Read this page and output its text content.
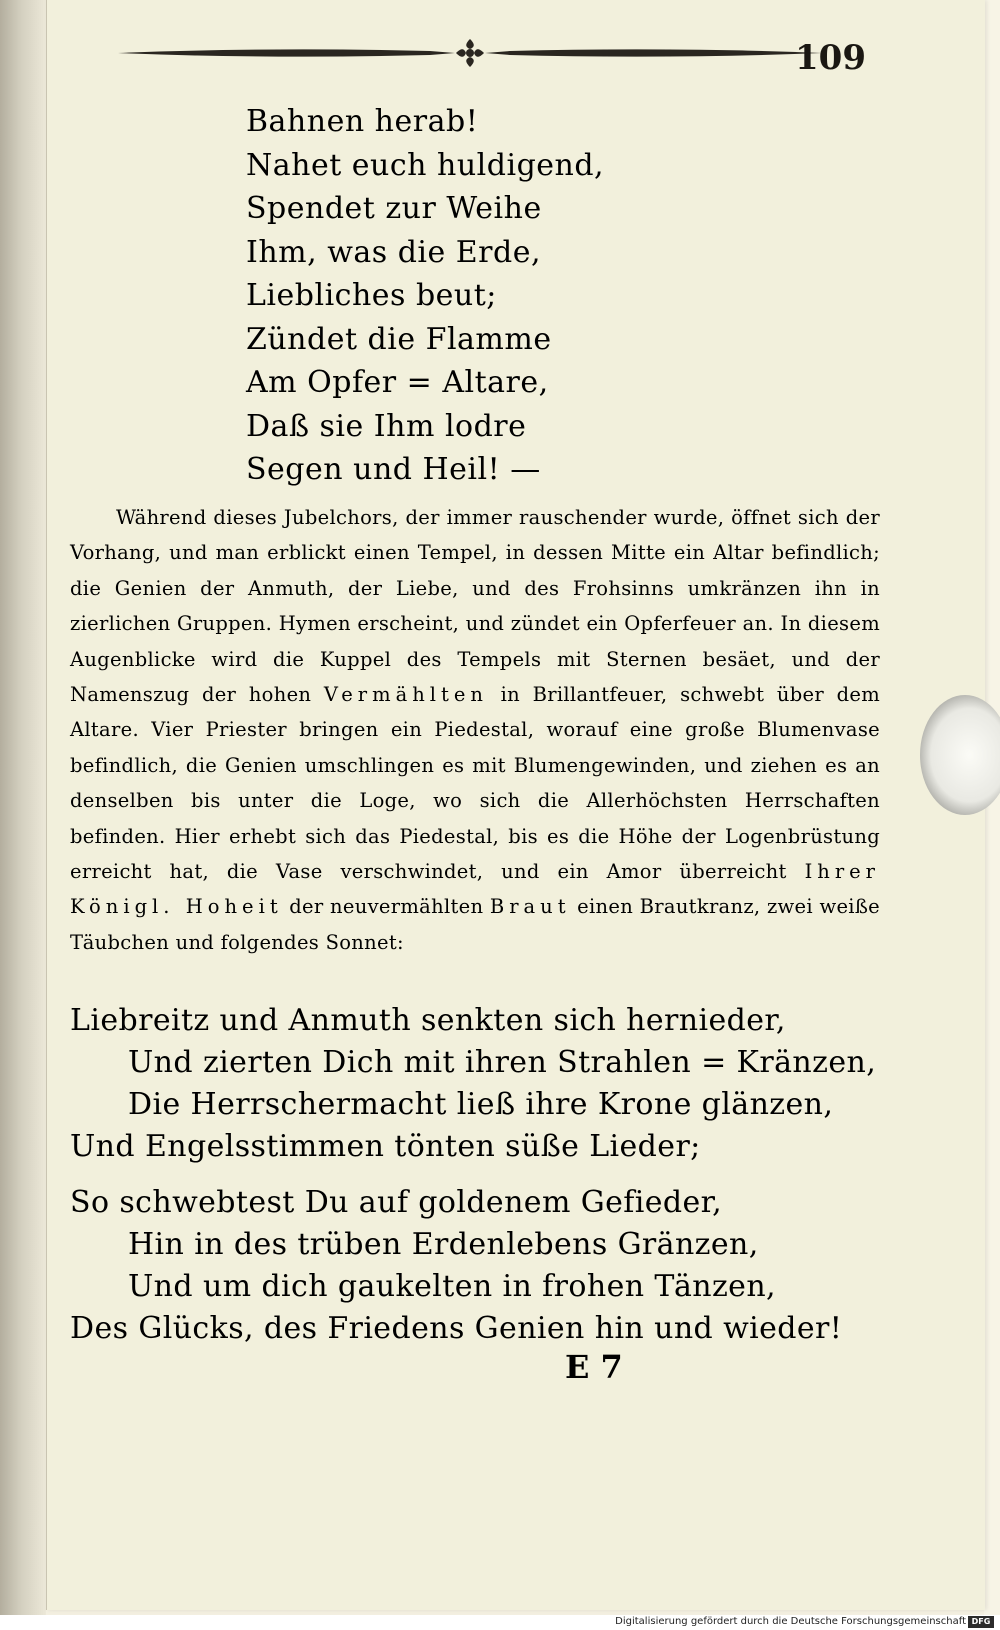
109
Bahnen herab!
Nahet euch huldigend,
Spendet zur Weihe
Ihm, was die Erde,
Liebliches beut;
Zündet die Flamme
Am Opfer = Altare,
Daß sie Ihm lodre
Segen und Heil! —

Während dieses Jubelchors, der immer rauschender wurde, öffnet sich der Vorhang, und man erblickt einen Tempel, in dessen Mitte ein Altar befindlich; die Genien der Anmuth, der Liebe, und des Frohsinns umkränzen ihn in zierlichen Gruppen. Hymen erscheint, und zündet ein Opferfeuer an. In diesem Augenblicke wird die Kuppel des Tempels mit Sternen besäet, und der Namenszug der hohen Vermählten in Brillantfeuer, schwebt über dem Altare. Vier Priester bringen ein Piedestal, worauf eine große Blumenvase befindlich, die Genien umschlingen es mit Blumengewinden, und ziehen es an denselben bis unter die Loge, wo sich die Allerhöchsten Herrschaften befinden. Hier erhebt sich das Piedestal, bis es die Höhe der Logenbrüstung erreicht hat, die Vase verschwindet, und ein Amor überreicht Ihrer Königl. Hoheit der neuvermählten Braut einen Brautkranz, zwei weiße Täubchen und folgendes Sonnet:

Liebreitz und Anmuth senkten sich hernieder,
Und zierten Dich mit ihren Strahlen = Kränzen,
Die Herrschermacht ließ ihre Krone glänzen,
Und Engelsstimmen tönten süße Lieder;
So schwebtest Du auf goldenem Gefieder,
Hin in des trüben Erdenlebens Gränzen,
Und um dich gaukelten in frohen Tänzen,
Des Glücks, des Friedens Genien hin und wieder!
E 7
Digitalisierung gefördert durch die Deutsche Forschungsgemeinschaft DFG
